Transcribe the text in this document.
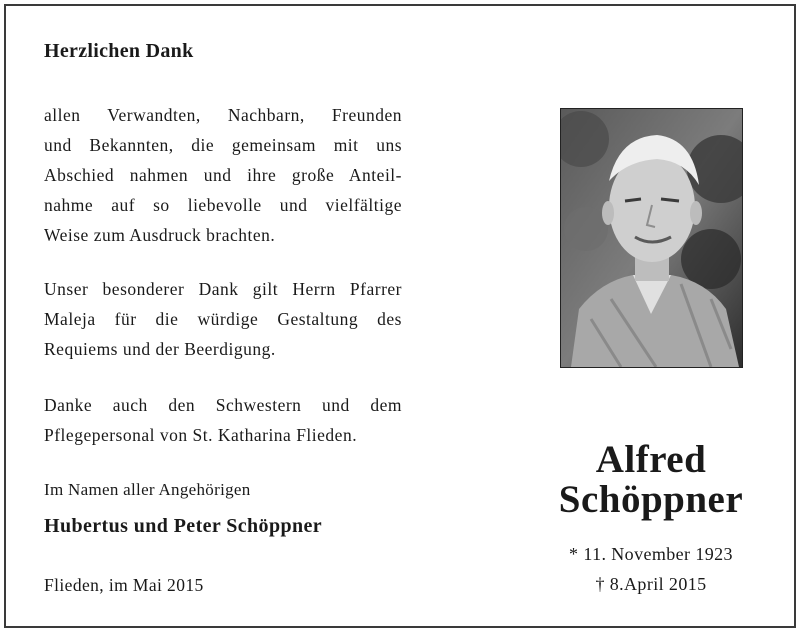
Herzlichen Dank
allen Verwandten, Nachbarn, Freunden
und Bekannten, die gemeinsam mit uns
Abschied nahmen und ihre große Anteil-
nahme auf so liebevolle und vielfältige
Weise zum Ausdruck brachten.
Unser besonderer Dank gilt Herrn Pfarrer
Maleja für die würdige Gestaltung des
Requiems und der Beerdigung.
Danke auch den Schwestern und dem
Pflegepersonal von St. Katharina Flieden.
Im Namen aller Angehörigen
Hubertus und Peter Schöppner
Flieden, im Mai 2015
Alfred
Schöppner
* 11. November 1923
† 8.April 2015
